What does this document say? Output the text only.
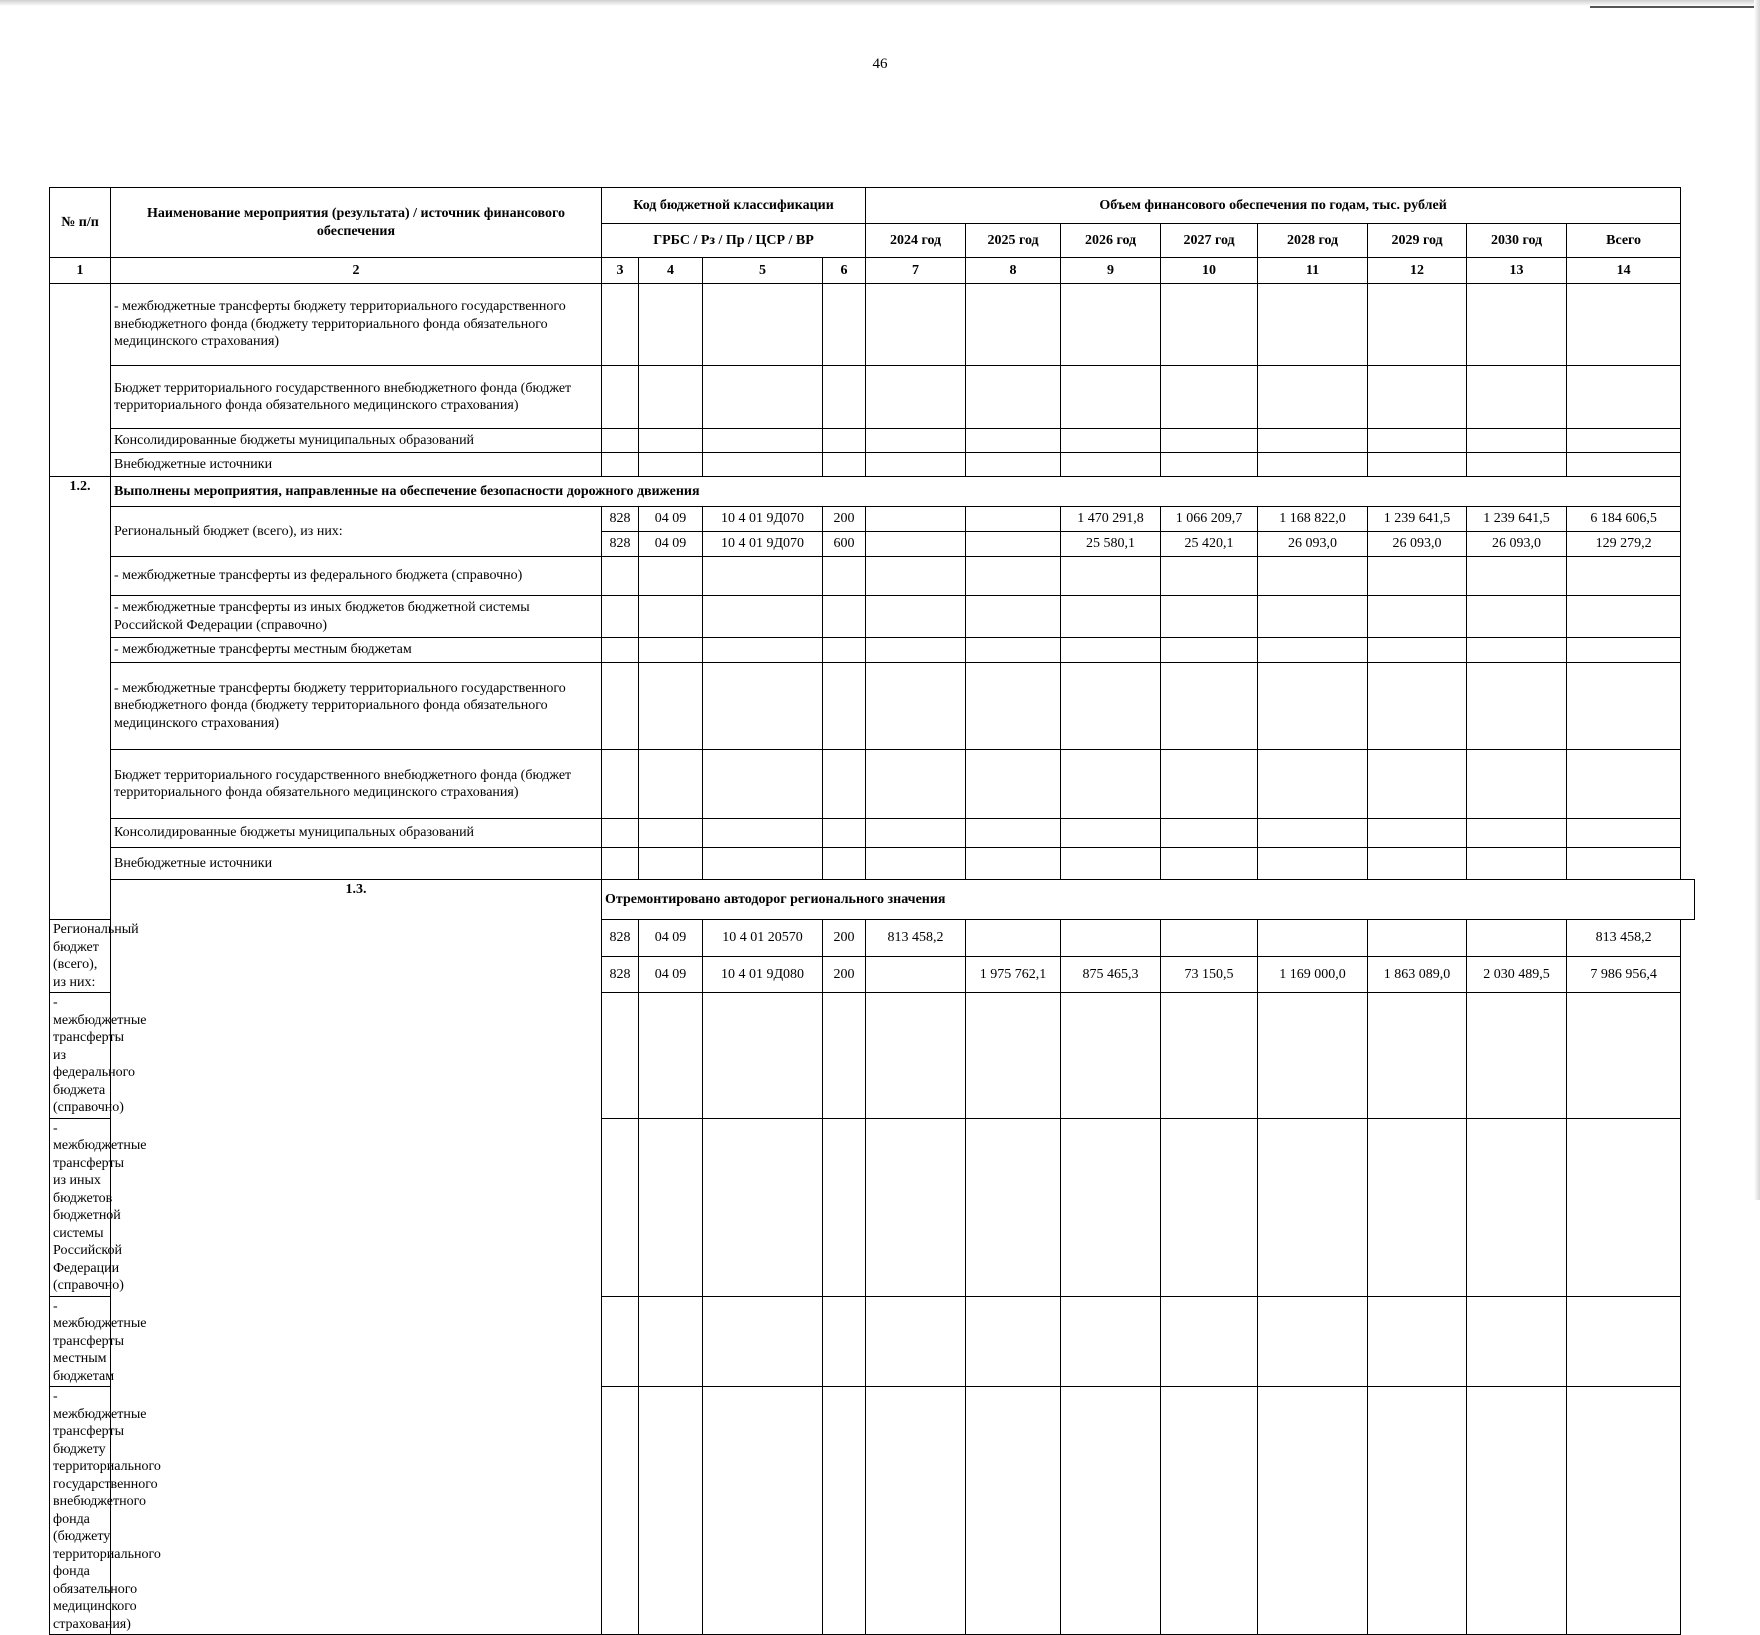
46
№ п/п	Наименование мероприятия (результата) / источник финансового обеспечения	Код бюджетной классификации				Объем финансового обеспечения по годам, тыс. рублей							
		ГРБС / Рз / Пр / ЦСР / ВР				2024 год	2025 год	2026 год	2027 год	2028 год	2029 год	2030 год	Всего
1	2	3	4	5	6	7	8	9	10	11	12	13	14
	- межбюджетные трансферты бюджету территориального государственного внебюджетного фонда (бюджету территориального фонда обязательного медицинского страхования)												
	Бюджет территориального государственного внебюджетного фонда (бюджет территориального фонда обязательного медицинского страхования)												
	Консолидированные бюджеты муниципальных образований												
	Внебюджетные источники												
1.2.	Выполнены мероприятия, направленные на обеспечение безопасности дорожного движения												
	Региональный бюджет (всего), из них:	828	04 09	10 4 01 9Д070	200			1 470 291,8	1 066 209,7	1 168 822,0	1 239 641,5	1 239 641,5	6 184 606,5
		828	04 09	10 4 01 9Д070	600			25 580,1	25 420,1	26 093,0	26 093,0	26 093,0	129 279,2
	- межбюджетные трансферты из федерального бюджета (справочно)												
	- межбюджетные трансферты из иных бюджетов бюджетной системы Российской Федерации (справочно)												
	- межбюджетные трансферты местным бюджетам												
	- межбюджетные трансферты бюджету территориального государственного внебюджетного фонда (бюджету территориального фонда обязательного медицинского страхования)												
	Бюджет территориального государственного внебюджетного фонда (бюджет территориального фонда обязательного медицинского страхования)												
	Консолидированные бюджеты муниципальных образований												
	Внебюджетные источники												
	1.3.	Отремонтировано автодорог регионального значения											
Региональный бюджет (всего), из них:		828	04 09	10 4 01 20570	200	813 458,2							813 458,2
		828	04 09	10 4 01 9Д080	200		1 975 762,1	875 465,3	73 150,5	1 169 000,0	1 863 089,0	2 030 489,5	7 986 956,4
- межбюджетные трансферты из федерального бюджета (справочно)													
- межбюджетные трансферты из иных бюджетов бюджетной системы Российской Федерации (справочно)													
- межбюджетные трансферты местным бюджетам													
- межбюджетные трансферты бюджету территориального государственного внебюджетного фонда (бюджету территориального фонда обязательного медицинского страхования)													
